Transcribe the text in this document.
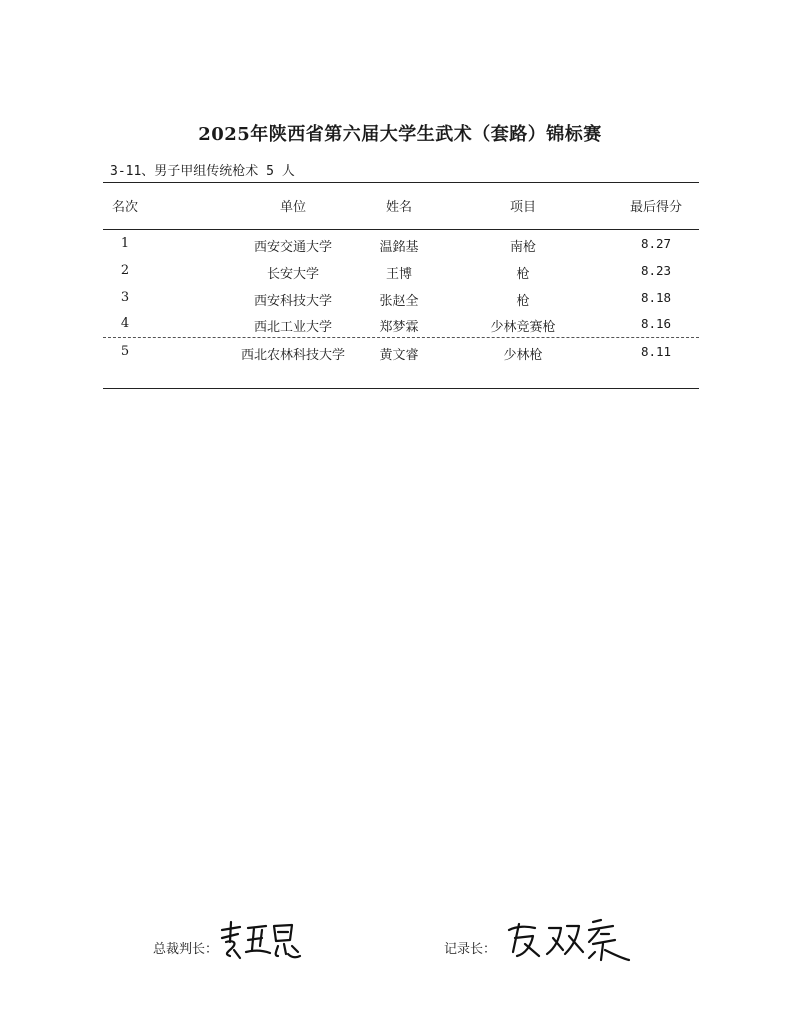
2025年陕西省第六届大学生武术（套路）锦标赛
3-11、男子甲组传统枪术 5 人
名次	单位	姓名	项目	最后得分
1	西安交通大学	温銘基	南枪	8.27
2	长安大学	王博	枪	8.23
3	西安科技大学	张赵全	枪	8.18
4	西北工业大学	郑梦霖	少林竞赛枪	8.16
5	西北农林科技大学	黄文睿	少林枪	8.11
总裁判长：	记录长：
